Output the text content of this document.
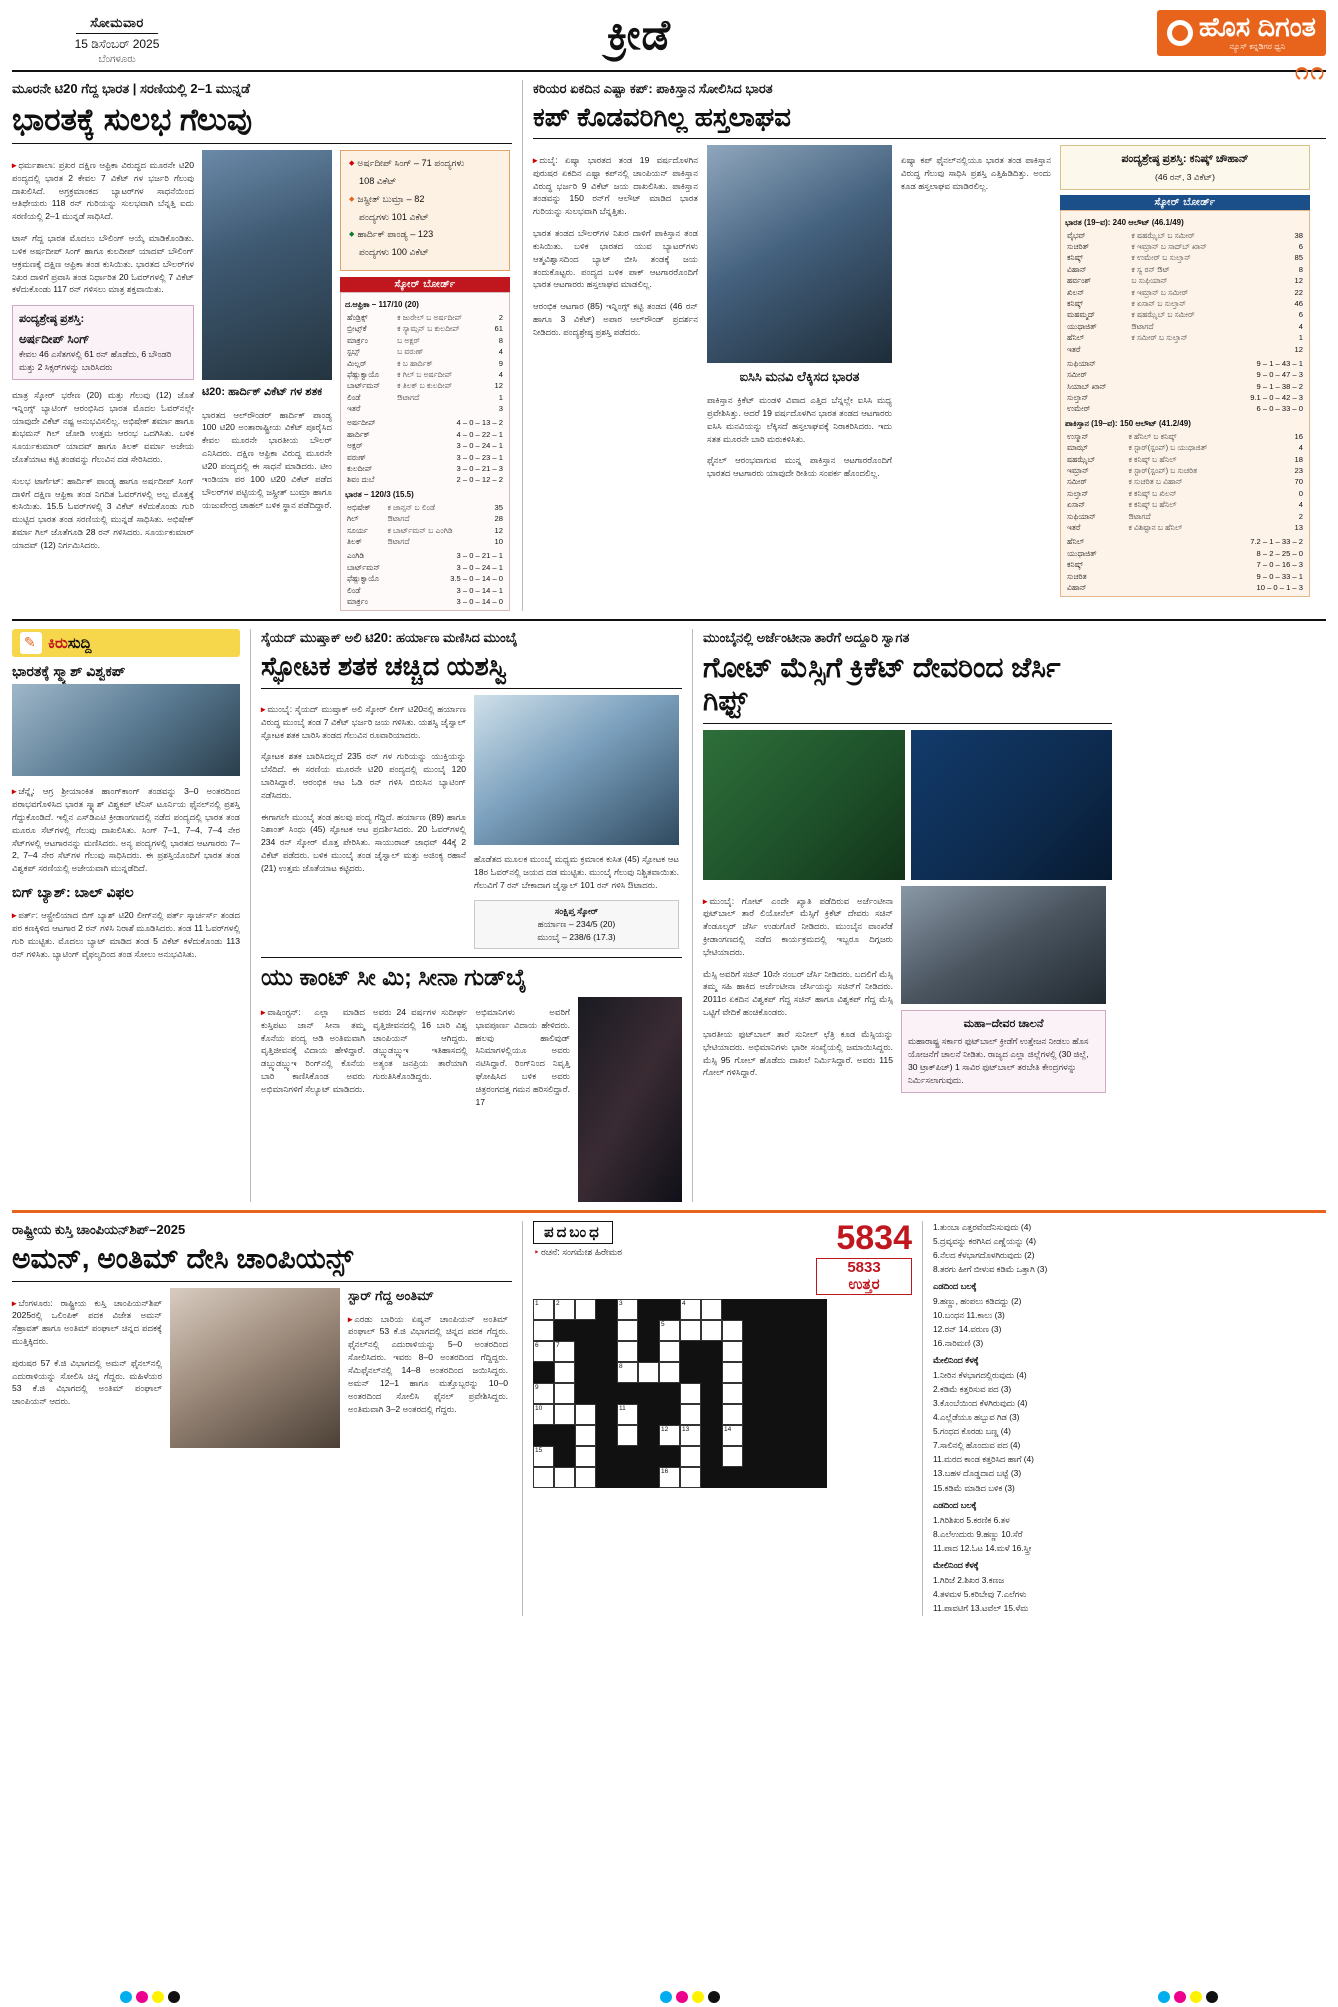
ಸೋಮವಾರ
15 ಡಿಸೆಂಬರ್ 2025
ಬೆಂಗಳೂರು
ಕ್ರೀಡೆ	ಹೊಸ ದಿಗಂತ
ನ್ಯೂಸ್ ಕನ್ನಡಿಗರ ಧ್ವನಿ
೧೧
ಮೂರನೇ ಟಿ20 ಗೆದ್ದ ಭಾರತ | ಸರಣಿಯಲ್ಲಿ 2–1 ಮುನ್ನಡೆ
ಭಾರತಕ್ಕೆ ಸುಲಭ ಗೆಲುವು

▸ ಧರ್ಮಶಾಲಾ: ಪ್ರಖರ ದಕ್ಷಿಣ ಆಫ್ರಿಕಾ ವಿರುದ್ಧದ ಮೂರನೇ ಟಿ20 ಪಂದ್ಯದಲ್ಲಿ ಭಾರತ 2 ಕೇವಲ 7 ವಿಕೆಟ್ ಗಳ ಭರ್ಜರಿ ಗೆಲುವು ದಾಖಲಿಸಿದೆ. ಅಗ್ರಕ್ರಮಾಂಕದ ಬ್ಯಾಟರ್‌ಗಳ ಸಾಧನೆಯಿಂದ ಆತಿಥೇಯರು 118 ರನ್ ಗುರಿಯನ್ನು ಸುಲಭವಾಗಿ ಬೆನ್ನತ್ತಿ ಐದು ಸರಣಿಯಲ್ಲಿ 2–1 ಮುನ್ನಡೆ ಸಾಧಿಸಿದೆ.

ಟಾಸ್ ಗೆದ್ದ ಭಾರತ ಮೊದಲು ಬೌಲಿಂಗ್ ಆಯ್ಕೆ ಮಾಡಿಕೊಂಡಿತು. ಬಳಿಕ ಅರ್ಷದೀಪ್ ಸಿಂಗ್ ಹಾಗೂ ಕುಲದೀಪ್ ಯಾದವ್ ಬೌಲಿಂಗ್ ಆಕ್ರಮಣಕ್ಕೆ ದಕ್ಷಿಣ ಆಫ್ರಿಕಾ ತಂಡ ಕುಸಿಯಿತು. ಭಾರತದ ಬೌಲರ್‌ಗಳ ನಿಖರ ದಾಳಿಗೆ ಪ್ರವಾಸಿ ತಂಡ ನಿರ್ಧಾರಿತ 20 ಓವರ್‌ಗಳಲ್ಲಿ 7 ವಿಕೆಟ್ ಕಳೆದುಕೊಂಡು 117 ರನ್ ಗಳಿಸಲು ಮಾತ್ರ ಶಕ್ತವಾಯಿತು.

ಪಂದ್ಯಶ್ರೇಷ್ಠ ಪ್ರಶಸ್ತಿ:
ಅರ್ಷದೀಪ್ ಸಿಂಗ್
ಕೇವಲ 46 ಎಸೆತಗಳಲ್ಲಿ 61 ರನ್ ಹೊಡೆದು, 6 ಬೌಂಡರಿ ಮತ್ತು 2 ಸಿಕ್ಸರ್‌ಗಳನ್ನು ಬಾರಿಸಿದರು

ಮಾತ್ರ ಸ್ಕೋರ್ ಭರೇಣ (20) ಮತ್ತು ಗೆಲುವು (12) ಜೊತೆ ಇನ್ನಿಂಗ್ಸ್ ಬ್ಯಾಟಿಂಗ್ ಆರಂಭಿಸಿದ ಭಾರತ ಮೊದಲ ಓವರ್‌ನಲ್ಲೇ ಯಾವುದೇ ವಿಕೆಟ್ ನಷ್ಟ ಅನುಭವಿಸಲಿಲ್ಲ. ಅಭಿಷೇಕ್ ಶರ್ಮಾ ಹಾಗೂ ಶುಭಮನ್ ಗಿಲ್ ಜೋಡಿ ಉತ್ತಮ ಆರಂಭ ಒದಗಿಸಿತು. ಬಳಿಕ ಸೂರ್ಯಕುಮಾರ್ ಯಾದವ್ ಹಾಗೂ ತಿಲಕ್ ವರ್ಮಾ ಅಜೇಯ ಜೊತೆಯಾಟ ಕಟ್ಟಿ ತಂಡವನ್ನು ಗೆಲುವಿನ ದಡ ಸೇರಿಸಿದರು.

ಸುಲಭ ಟಾರ್ಗೆಟ್: ಹಾರ್ದಿಕ್ ಪಾಂಡ್ಯ ಹಾಗೂ ಅರ್ಷದೀಪ್ ಸಿಂಗ್ ದಾಳಿಗೆ ದಕ್ಷಿಣ ಆಫ್ರಿಕಾ ತಂಡ ನಿಗದಿತ ಓವರ್‌ಗಳಲ್ಲಿ ಅಲ್ಪ ಮೊತ್ತಕ್ಕೆ ಕುಸಿಯಿತು. 15.5 ಓವರ್‌ಗಳಲ್ಲಿ 3 ವಿಕೆಟ್ ಕಳೆದುಕೊಂಡು ಗುರಿ ಮುಟ್ಟಿದ ಭಾರತ ತಂಡ ಸರಣಿಯಲ್ಲಿ ಮುನ್ನಡೆ ಸಾಧಿಸಿತು. ಅಭಿಷೇಕ್ ಶರ್ಮಾ ಗಿಲ್ ಜೊತೆಗೂಡಿ 28 ರನ್ ಗಳಿಸಿದರು. ಸೂರ್ಯಕುಮಾರ್ ಯಾದವ್ (12) ನಿರ್ಗಮಿಸಿದರು.

ಟಿ20: ಹಾರ್ದಿಕ್ ವಿಕೆಟ್ ಗಳ ಶತಕ

ಭಾರತದ ಆಲ್‌ರೌಂಡರ್ ಹಾರ್ದಿಕ್ ಪಾಂಡ್ಯ 100 ಟಿ20 ಅಂತಾರಾಷ್ಟ್ರೀಯ ವಿಕೆಟ್ ಪೂರೈಸಿದ ಕೇವಲ ಮೂರನೇ ಭಾರತೀಯ ಬೌಲರ್ ಎನಿಸಿದರು. ದಕ್ಷಿಣ ಆಫ್ರಿಕಾ ವಿರುದ್ಧ ಮೂರನೇ ಟಿ20 ಪಂದ್ಯದಲ್ಲಿ ಈ ಸಾಧನೆ ಮಾಡಿದರು. ಟೀಂ ಇಂಡಿಯಾ ಪರ 100 ಟಿ20 ವಿಕೆಟ್ ಪಡೆದ ಬೌಲರ್‌ಗಳ ಪಟ್ಟಿಯಲ್ಲಿ ಜಸ್ಪ್ರೀತ್ ಬುಮ್ರಾ ಹಾಗೂ ಯಜುವೇಂದ್ರ ಚಾಹಲ್ ಬಳಿಕ ಸ್ಥಾನ ಪಡೆದಿದ್ದಾರೆ.

◆ ಅರ್ಷದೀಪ್ ಸಿಂಗ್ – 71 ಪಂದ್ಯಗಳು
108 ವಿಕೆಟ್
◆ ಜಸ್ಪ್ರೀತ್ ಬುಮ್ರಾ – 82
ಪಂದ್ಯಗಳು 101 ವಿಕೆಟ್
◆ ಹಾರ್ದಿಕ್ ಪಾಂಡ್ಯ – 123
ಪಂದ್ಯಗಳು 100 ವಿಕೆಟ್
ಸ್ಕೋರ್ ಬೋರ್ಡ್
ದ.ಆಫ್ರಿಕಾ – 117/10 (20)
ಹೆಂಡ್ರಿಕ್ಸ್	ಕ ಜುರೇಲ್ ಬ ಅರ್ಷದೀಪ್	2
ಬ್ರೀಟ್ಸ್‌ಕೆ	ಕ ಸ್ಯಾಮ್ಸನ್ ಬ ಕುಲದೀಪ್	61
ಮಾರ್ಕ್ರಂ	ಬ ಅಕ್ಷರ್	8
ಸ್ಟಬ್ಸ್	ಬ ವರುಣ್	4
ಮಿಲ್ಲರ್	ಕ ಬ ಹಾರ್ದಿಕ್	9
ಫೆಹ್ಲುಕ್ವಾಯೊ	ಕ ಗಿಲ್ ಬ ಅರ್ಷದೀಪ್	4
ಬಾರ್ಟ್‌ಮನ್	ಕ ತಿಲಕ್ ಬ ಕುಲದೀಪ್	12
ಲಿಂಡೆ	ಔಟಾಗದೆ	1
ಇತರೆ		3
ಅರ್ಷದೀಪ್	4 – 0 – 13 – 2
ಹಾರ್ದಿಕ್	4 – 0 – 22 – 1
ಅಕ್ಷರ್	3 – 0 – 24 – 1
ವರುಣ್	3 – 0 – 23 – 1
ಕುಲದೀಪ್	3 – 0 – 21 – 3
ಶಿವಂ ದುಬೆ	2 – 0 – 12 – 2
ಭಾರತ – 120/3 (15.5)
ಅಭಿಷೇಕ್	ಕ ಜಾನ್ಸನ್ ಬ ಲಿಂಡೆ	35
ಗಿಲ್	ಔಟಾಗದೆ	28
ಸೂರ್ಯ	ಕ ಬಾರ್ಟ್‌ಮನ್ ಬ ಎಂಗಿಡಿ	12
ತಿಲಕ್	ಔಟಾಗದೆ	10
ಎಂಗಿಡಿ	3 – 0 – 21 – 1
ಬಾರ್ಟ್‌ಮನ್	3 – 0 – 24 – 1
ಫೆಹ್ಲುಕ್ವಾಯೊ	3.5 – 0 – 14 – 0
ಲಿಂಡೆ	3 – 0 – 14 – 1
ಮಾರ್ಕ್ರಂ	3 – 0 – 14 – 0
ಕರಿಯರ ಏಕದಿನ ಎಷ್ಟಾ ಕಪ್: ಪಾಕಿಸ್ತಾನ ಸೋಲಿಸಿದ ಭಾರತ
ಕಪ್ ಕೊಡವರಿಗಿಲ್ಲ ಹಸ್ತಲಾಘವ

▸ ದುಬೈ: ಏಷ್ಯಾ ಭಾರತದ ತಂಡ 19 ವರ್ಷದೊಳಗಿನ ಪುರುಷರ ಏಕದಿನ ಎಷ್ಟಾ ಕಪ್‌ನಲ್ಲಿ ಚಾಂಪಿಯನ್ ಪಾಕಿಸ್ತಾನ ವಿರುದ್ಧ ಭರ್ಜರಿ 9 ವಿಕೆಟ್ ಜಯ ದಾಖಲಿಸಿತು. ಪಾಕಿಸ್ತಾನ ತಂಡವನ್ನು 150 ರನ್‌ಗೆ ಆಲೌಟ್ ಮಾಡಿದ ಭಾರತ ಗುರಿಯನ್ನು ಸುಲಭವಾಗಿ ಬೆನ್ನತ್ತಿತು.

ಭಾರತ ತಂಡದ ಬೌಲರ್‌ಗಳ ನಿಖರ ದಾಳಿಗೆ ಪಾಕಿಸ್ತಾನ ತಂಡ ಕುಸಿಯಿತು. ಬಳಿಕ ಭಾರತದ ಯುವ ಬ್ಯಾಟರ್‌ಗಳು ಆತ್ಮವಿಶ್ವಾಸದಿಂದ ಬ್ಯಾಟ್ ಬೀಸಿ ತಂಡಕ್ಕೆ ಜಯ ತಂದುಕೊಟ್ಟರು. ಪಂದ್ಯದ ಬಳಿಕ ಪಾಕ್ ಆಟಗಾರರೊಂದಿಗೆ ಭಾರತ ಆಟಗಾರರು ಹಸ್ತಲಾಘವ ಮಾಡಲಿಲ್ಲ.

ಆರಂಭಿಕ ಆಟಗಾರ (85) ಇನ್ನಿಂಗ್ಸ್ ಕಟ್ಟಿ ತಂಡದ (46 ರನ್ ಹಾಗೂ 3 ವಿಕೆಟ್) ಅಪಾರ ಆಲ್‌ರೌಂಡ್ ಪ್ರದರ್ಶನ ನೀಡಿದರು. ಪಂದ್ಯಶ್ರೇಷ್ಠ ಪ್ರಶಸ್ತಿ ಪಡೆದರು.

ಐಸಿಸಿ ಮನವಿ ಲೆಕ್ಕಿಸದ ಭಾರತ

ಪಾಕಿಸ್ತಾನ ಕ್ರಿಕೆಟ್ ಮಂಡಳಿ ವಿವಾದ ಎತ್ತಿದ ಬೆನ್ನಲ್ಲೇ ಐಸಿಸಿ ಮಧ್ಯ ಪ್ರವೇಶಿಸಿತ್ತು. ಆದರೆ 19 ವರ್ಷದೊಳಗಿನ ಭಾರತ ತಂಡದ ಆಟಗಾರರು ಐಸಿಸಿ ಮನವಿಯನ್ನು ಲೆಕ್ಕಿಸದೆ ಹಸ್ತಲಾಘವಕ್ಕೆ ನಿರಾಕರಿಸಿದರು. ಇದು ಸತತ ಮೂರನೇ ಬಾರಿ ಮರುಕಳಿಸಿತು.

ಫೈನಲ್ ಆರಂಭವಾಗುವ ಮುನ್ನ ಪಾಕಿಸ್ತಾನ ಆಟಗಾರರೊಂದಿಗೆ ಭಾರತದ ಆಟಗಾರರು ಯಾವುದೇ ರೀತಿಯ ಸಂಪರ್ಕ ಹೊಂದಲಿಲ್ಲ.

ಏಷ್ಯಾ ಕಪ್ ಫೈನಲ್‌ನಲ್ಲಿಯೂ ಭಾರತ ತಂಡ ಪಾಕಿಸ್ತಾನ ವಿರುದ್ಧ ಗೆಲುವು ಸಾಧಿಸಿ ಪ್ರಶಸ್ತಿ ಎತ್ತಿಹಿಡಿದಿತ್ತು. ಅಂದು ಕೂಡ ಹಸ್ತಲಾಘವ ಮಾಡಿರಲಿಲ್ಲ.

ಪಂದ್ಯಶ್ರೇಷ್ಠ ಪ್ರಶಸ್ತಿ: ಕನಿಷ್ಕ್ ಚೌಹಾನ್
(46 ರನ್, 3 ವಿಕೆಟ್)
ಸ್ಕೋರ್ ಬೋರ್ಡ್
ಭಾರತ (19–ವ): 240 ಆಲೌಟ್ (46.1/49)
ವೈಭವ್	ಕ ಷಹಝೈಬ್ ಬ ಸಮೀರ್	38
ಸುಚರಿತ್	ಕ ಇಮ್ರಾನ್ ಬ ಸಾದ್‌ಬ್ ಖಾನ್	6
ಕನಿಷ್ಕ್	ಕ ಉಮೇರ್ ಬ ಸುಲ್ತಾನ್	85
ವಿಹಾನ್	ಕ ಸ್ವ ರನ್ ಔಟ್	8
ಹರ್ವಂಶ್	ಬ ಸುಫಿಯಾನ್	12
ಖಿಲನ್	ಕ ಇಮ್ರಾನ್ ಬ ಸಮೀರ್	22
ಕನಿಷ್ಕ್	ಕ ಏಸಾನ್ ಬ ಸುಲ್ತಾನ್	46
ಮಹಮ್ಮದ್	ಕ ಷಹಝೈಬ್ ಬ ಸಮೀರ್	6
ಯುಧಾಜಿತ್	ಔಟಾಗದೆ	4
ಹೆನಿಲ್	ಕ ಸಮೀರ್ ಬ ಸುಲ್ತಾನ್	1
ಇತರೆ		12
ಸುಫಿಯಾನ್	9 – 1 – 43 – 1
ಸಮೀರ್	9 – 0 – 47 – 3
ಸಿಯಾಬ್ ಖಾನ್	9 – 1 – 38 – 2
ಸುಲ್ತಾನ್	9.1 – 0 – 42 – 3
ಉಮೇರ್	6 – 0 – 33 – 0
ಪಾಕಿಸ್ತಾನ (19–ವ): 150 ಆಲೌಟ್ (41.2/49)
ಉಸ್ಮಾನ್	ಕ ಹೆನಿಲ್ ಬ ಕನಿಷ್ಕ್	16
ಮಾಝ್	ಕ ಸ್ಟಾರ್(ಸ್ಟಂಪ್) ಬ ಯುಧಾಜಿತ್	4
ಷಹಝೈಬ್	ಕ ಕನಿಷ್ಕ್ ಬ ಹೆನಿಲ್	18
ಇಮ್ರಾನ್	ಕ ಸ್ಟಾರ್(ಸ್ಟಂಪ್) ಬ ಸುಚರಿತ	23
ಸಮೀರ್	ಕ ಸುಚರಿತ ಬ ವಿಹಾನ್	70
ಸುಲ್ತಾನ್	ಕ ಕನಿಷ್ಕ್ ಬ ಖಿಲನ್	0
ಏಸಾನ್	ಕ ಕನಿಷ್ಕ್ ಬ ಹೆನಿಲ್	4
ಸುಫಿಯಾನ್	ಔಟಾಗದೆ	2
ಇತರೆ	ಕ ವಿಶಿಷ್ಟಾನ ಬ ಹೆನಿಲ್	13
ಹೆನಿಲ್	7.2 – 1 – 33 – 2
ಯುಧಾಜಿತ್	8 – 2 – 25 – 0
ಕನಿಷ್ಕ್	7 – 0 – 16 – 3
ಸುಚರಿತ	9 – 0 – 33 – 1
ವಿಹಾನ್	10 – 0 – 1 – 3
✎
ಕಿರುಸುದ್ದಿ
ಭಾರತಕ್ಕೆ ಸ್ಮ್ಯಾಶ್ ವಿಶ್ವಕಪ್

▸ ಚೆನ್ನೈ: ಆಗ್ರ ಶ್ರೀಯಾಂಕಿತ ಹಾಂಗ್‌ಕಾಂಗ್ ತಂಡವನ್ನು 3–0 ಅಂತರದಿಂದ ಪರಾಭವಗೊಳಿಸಿದ ಭಾರತ ಸ್ಮ್ಯಾಶ್ ವಿಶ್ವಕಪ್ ಟೆನಿಸ್ ಟೂರ್ನಿಯ ಫೈನಲ್‌ನಲ್ಲಿ ಪ್ರಶಸ್ತಿ ಗೆದ್ದುಕೊಂಡಿದೆ. ಇಲ್ಲಿನ ಎಸ್‌ಡಿಎಟಿ ಕ್ರೀಡಾಂಗಣದಲ್ಲಿ ನಡೆದ ಪಂದ್ಯದಲ್ಲಿ ಭಾರತ ತಂಡ ಮೂರೂ ಸೆಟ್‌ಗಳಲ್ಲಿ ಗೆಲುವು ದಾಖಲಿಸಿತು. ಸಿಂಗ್ 7–1, 7–4, 7–4 ನೇರ ಸೆಟ್‌ಗಳಲ್ಲಿ ಆಟಗಾರನನ್ನು ಮಣಿಸಿದರು. ಅನ್ಯ ಪಂದ್ಯಗಳಲ್ಲಿ ಭಾರತದ ಆಟಗಾರರು 7–2, 7–4 ನೇರ ಸೆಟ್‌ಗಳ ಗೆಲುವು ಸಾಧಿಸಿದರು. ಈ ಪ್ರಶಸ್ತಿಯೊಂದಿಗೆ ಭಾರತ ತಂಡ ವಿಶ್ವಕಪ್ ಸರಣಿಯಲ್ಲಿ ಅಜೇಯವಾಗಿ ಮುನ್ನಡೆದಿದೆ.

ಬಿಗ್ ಬ್ಯಾಶ್: ಬಾಲ್ ವಿಫಲ

▸ ಪರ್ತ್: ಆಸ್ಟ್ರೇಲಿಯಾದ ಬಿಗ್ ಬ್ಯಾಶ್ ಟಿ20 ಲೀಗ್‌ನಲ್ಲಿ ಪರ್ತ್ ಸ್ಕಾರ್ಚರ್ಸ್ ತಂಡದ ಪರ ಕಣಕ್ಕಿಳಿದ ಆಟಗಾರ 2 ರನ್ ಗಳಿಸಿ ನಿರಾಶೆ ಮೂಡಿಸಿದರು. ತಂಡ 11 ಓವರ್‌ಗಳಲ್ಲಿ ಗುರಿ ಮುಟ್ಟಿತು. ಮೊದಲು ಬ್ಯಾಟ್ ಮಾಡಿದ ತಂಡ 5 ವಿಕೆಟ್ ಕಳೆದುಕೊಂಡು 113 ರನ್ ಗಳಿಸಿತು. ಬ್ಯಾಟಿಂಗ್ ವೈಫಲ್ಯದಿಂದ ತಂಡ ಸೋಲು ಅನುಭವಿಸಿತು.

ಸೈಯದ್ ಮುಷ್ತಾಕ್ ಅಲಿ ಟಿ20: ಹರ್ಯಾಣ ಮಣಿಸಿದ ಮುಂಬೈ
ಸ್ಫೋಟಕ ಶತಕ ಚಚ್ಚಿದ ಯಶಸ್ವಿ

▸ ಮುಂಬೈ: ಸೈಯದ್ ಮುಷ್ತಾಕ್ ಅಲಿ ಸ್ಕೋರ್ ಲೀಗ್ ಟಿ20ನಲ್ಲಿ ಹರ್ಯಾಣ ವಿರುದ್ಧ ಮುಂಬೈ ತಂಡ 7 ವಿಕೆಟ್ ಭರ್ಜರಿ ಜಯ ಗಳಿಸಿತು. ಯಶಸ್ವಿ ಜೈಸ್ವಾಲ್ ಸ್ಫೋಟಕ ಶತಕ ಬಾರಿಸಿ ತಂಡದ ಗೆಲುವಿನ ರೂವಾರಿಯಾದರು.

ಸ್ಫೋಟಕ ಶತಕ ಬಾರಿಸಿದಲ್ಲದೆ 235 ರನ್ ಗಳ ಗುರಿಯನ್ನು ಯುಕ್ತಿಯನ್ನು ಬೆಸೆದಿದೆ. ಈ ಸರಣಿಯ ಮೂರನೇ ಟಿ20 ಪಂದ್ಯದಲ್ಲಿ ಮುಂಬೈ 120 ಬಾರಿಸಿದ್ದಾರೆ. ಆರಂಭಿಕ ಆಟ ಓಡಿ ರನ್ ಗಳಿಸಿ ಬಿರುಸಿನ ಬ್ಯಾಟಿಂಗ್ ನಡೆಸಿದರು.

ಈಗಾಗಲೇ ಮುಂಬೈ ತಂಡ ಹಲವು ಪಂದ್ಯ ಗೆದ್ದಿದೆ. ಹರ್ಯಾಣ (89) ಹಾಗೂ ನಿಶಾಂತ್ ಸಿಂಧು (45) ಸ್ಫೋಟಕ ಆಟ ಪ್ರದರ್ಶಿಸಿದರು. 20 ಓವರ್‌ಗಳಲ್ಲಿ 234 ರನ್ ಸ್ಕೋರ್ ಮೊತ್ತ ಪೇರಿಸಿತು. ಸಾಯುರಾಜ್ ಜಾಧವ್ 44ಕ್ಕೆ 2 ವಿಕೆಟ್ ಪಡೆದರು. ಬಳಿಕ ಮುಂಬೈ ತಂಡ ಜೈಸ್ವಾಲ್ ಮತ್ತು ಅಜಿಂಕ್ಯ ರಹಾನೆ (21) ಉತ್ತಮ ಜೊತೆಯಾಟ ಕಟ್ಟಿದರು.

ಹೊಡೆತದ ಮೂಲಕ ಮುಂಬೈ ಮಧ್ಯಮ ಕ್ರಮಾಂಕ ಕುಸಿತ (45) ಸ್ಫೋಟಕ ಆಟ 18ರ ಓವರ್‌ನಲ್ಲಿ ಜಯದ ದಡ ಮುಟ್ಟಿತು. ಮುಂಬೈ ಗೆಲುವು ನಿಶ್ಚಿತವಾಯಿತು. ಗೆಲುವಿಗೆ 7 ರನ್ ಬೇಕಾದಾಗ ಜೈಸ್ವಾಲ್ 101 ರನ್ ಗಳಿಸಿ ಔಟಾದರು.

ಸಂಕ್ಷಿಪ್ತ ಸ್ಕೋರ್
ಹರ್ಯಾಣ – 234/5 (20)
ಮುಂಬೈ – 238/6 (17.3)
ಯು ಕಾಂಟ್ ಸೀ ಮಿ; ಸೀನಾ ಗುಡ್‌ಬೈ

▸ ವಾಷಿಂಗ್ಟನ್: ಎಲ್ಲಾ ಮಾಡಿದ ಕುಸ್ತಿಪಟು ಜಾನ್ ಸೀನಾ ತಮ್ಮ ಕೊನೆಯ ಪಂದ್ಯ ಆಡಿ ಅಂತಿಮವಾಗಿ ವೃತ್ತಿಜೀವನಕ್ಕೆ ವಿದಾಯ ಹೇಳಿದ್ದಾರೆ. ಡಬ್ಲ್ಯುಡಬ್ಲ್ಯುಇ ರಿಂಗ್‌ನಲ್ಲಿ ಕೊನೆಯ ಬಾರಿ ಕಾಣಿಸಿಕೊಂಡ ಅವರು ಅಭಿಮಾನಿಗಳಿಗೆ ಸೆಲ್ಯೂಟ್ ಮಾಡಿದರು.

ಅವರು 24 ವರ್ಷಗಳ ಸುದೀರ್ಘ ವೃತ್ತಿಜೀವನದಲ್ಲಿ 16 ಬಾರಿ ವಿಶ್ವ ಚಾಂಪಿಯನ್ ಆಗಿದ್ದರು. ಡಬ್ಲ್ಯುಡಬ್ಲ್ಯುಇ ಇತಿಹಾಸದಲ್ಲಿ ಅತ್ಯಂತ ಜನಪ್ರಿಯ ತಾರೆಯಾಗಿ ಗುರುತಿಸಿಕೊಂಡಿದ್ದರು.

ಅಭಿಮಾನಿಗಳು ಅವರಿಗೆ ಭಾವಪೂರ್ಣ ವಿದಾಯ ಹೇಳಿದರು. ಹಲವು ಹಾಲಿವುಡ್ ಸಿನಿಮಾಗಳಲ್ಲಿಯೂ ಅವರು ನಟಿಸಿದ್ದಾರೆ. ರಿಂಗ್‌ನಿಂದ ನಿವೃತ್ತಿ ಘೋಷಿಸಿದ ಬಳಿಕ ಅವರು ಚಿತ್ರರಂಗದತ್ತ ಗಮನ ಹರಿಸಲಿದ್ದಾರೆ. 17

ಮುಂಬೈನಲ್ಲಿ ಅರ್ಜೆಂಟೀನಾ ತಾರೆಗೆ ಅದ್ದೂರಿ ಸ್ವಾಗತ
ಗೋಟ್ ಮೆಸ್ಸಿಗೆ ಕ್ರಿಕೆಟ್ ದೇವರಿಂದ ಜೆರ್ಸಿ ಗಿಫ್ಟ್

▸ ಮುಂಬೈ: ಗೋಟ್ ಎಂದೇ ಖ್ಯಾತಿ ಪಡೆದಿರುವ ಅರ್ಜೆಂಟೀನಾ ಫುಟ್‌ಬಾಲ್ ತಾರೆ ಲಿಯೋನೆಲ್ ಮೆಸ್ಸಿಗೆ ಕ್ರಿಕೆಟ್ ದೇವರು ಸಚಿನ್ ತೆಂಡೂಲ್ಕರ್ ಜೆರ್ಸಿ ಉಡುಗೊರೆ ನೀಡಿದರು. ಮುಂಬೈನ ವಾಂಖೆಡೆ ಕ್ರೀಡಾಂಗಣದಲ್ಲಿ ನಡೆದ ಕಾರ್ಯಕ್ರಮದಲ್ಲಿ ಇಬ್ಬರೂ ದಿಗ್ಗಜರು ಭೇಟಿಯಾದರು.

ಮೆಸ್ಸಿ ಅವರಿಗೆ ಸಚಿನ್ 10ನೇ ನಂಬರ್ ಜೆರ್ಸಿ ನೀಡಿದರು. ಬದಲಿಗೆ ಮೆಸ್ಸಿ ತಮ್ಮ ಸಹಿ ಹಾಕಿದ ಅರ್ಜೆಂಟೀನಾ ಜೆರ್ಸಿಯನ್ನು ಸಚಿನ್‌ಗೆ ನೀಡಿದರು. 2011ರ ಏಕದಿನ ವಿಶ್ವಕಪ್ ಗೆದ್ದ ಸಚಿನ್ ಹಾಗೂ ವಿಶ್ವಕಪ್ ಗೆದ್ದ ಮೆಸ್ಸಿ ಒಟ್ಟಿಗೆ ವೇದಿಕೆ ಹಂಚಿಕೊಂಡರು.

ಭಾರತೀಯ ಫುಟ್‌ಬಾಲ್ ತಾರೆ ಸುನೀಲ್ ಛೆತ್ರಿ ಕೂಡ ಮೆಸ್ಸಿಯನ್ನು ಭೇಟಿಯಾದರು. ಅಭಿಮಾನಿಗಳು ಭಾರೀ ಸಂಖ್ಯೆಯಲ್ಲಿ ಜಮಾಯಿಸಿದ್ದರು. ಮೆಸ್ಸಿ 95 ಗೋಲ್ ಹೊಡೆದು ದಾಖಲೆ ನಿರ್ಮಿಸಿದ್ದಾರೆ. ಅವರು 115 ಗೋಲ್ ಗಳಿಸಿದ್ದಾರೆ.

ಮಹಾ–ದೇವರ ಚಾಲನೆ
ಮಹಾರಾಷ್ಟ್ರ ಸರ್ಕಾರ ಫುಟ್‌ಬಾಲ್ ಕ್ರೀಡೆಗೆ ಉತ್ತೇಜನ ನೀಡಲು ಹೊಸ ಯೋಜನೆಗೆ ಚಾಲನೆ ನೀಡಿತು. ರಾಜ್ಯದ ಎಲ್ಲಾ ಜಿಲ್ಲೆಗಳಲ್ಲಿ (30 ಜಿಲ್ಲೆ, 30 ಟ್ರಾಕ್‌ಪಿಚ್) 1 ಸಾವಿರ ಫುಟ್‌ಬಾಲ್ ತರಬೇತಿ ಕೇಂದ್ರಗಳನ್ನು ನಿರ್ಮಿಸಲಾಗುವುದು.
ರಾಷ್ಟ್ರೀಯ ಕುಸ್ತಿ ಚಾಂಪಿಯನ್‌ಶಿಪ್–2025
ಅಮನ್, ಅಂತಿಮ್ ದೇಸಿ ಚಾಂಪಿಯನ್ಸ್

▸ ಬೆಂಗಳೂರು: ರಾಷ್ಟ್ರೀಯ ಕುಸ್ತಿ ಚಾಂಪಿಯನ್‌ಶಿಪ್ 2025ರಲ್ಲಿ ಒಲಿಂಪಿಕ್ ಪದಕ ವಿಜೇತ ಅಮನ್ ಸೆಹ್ರಾವತ್ ಹಾಗೂ ಅಂತಿಮ್ ಪಂಘಾಲ್ ಚಿನ್ನದ ಪದಕಕ್ಕೆ ಮುತ್ತಿಕ್ಕಿದರು.

ಪುರುಷರ 57 ಕೆ.ಜಿ ವಿಭಾಗದಲ್ಲಿ ಅಮನ್ ಫೈನಲ್‌ನಲ್ಲಿ ಎದುರಾಳಿಯನ್ನು ಸೋಲಿಸಿ ಚಿನ್ನ ಗೆದ್ದರು. ಮಹಿಳೆಯರ 53 ಕೆ.ಜಿ ವಿಭಾಗದಲ್ಲಿ ಅಂತಿಮ್ ಪಂಘಾಲ್ ಚಾಂಪಿಯನ್ ಆದರು.

ಸ್ಟಾರ್ ಗೆದ್ದ ಅಂತಿಮ್

▸ ಎರಡು ಬಾರಿಯ ಏಷ್ಯನ್ ಚಾಂಪಿಯನ್ ಅಂತಿಮ್ ಪಂಘಾಲ್ 53 ಕೆ.ಜಿ ವಿಭಾಗದಲ್ಲಿ ಚಿನ್ನದ ಪದಕ ಗೆದ್ದರು. ಫೈನಲ್‌ನಲ್ಲಿ ಎದುರಾಳಿಯನ್ನು 5–0 ಅಂತರದಿಂದ ಸೋಲಿಸಿದರು. ಇವರು 8–0 ಅಂತರದಿಂದ ಗೆದ್ದಿದ್ದರು. ಸೆಮಿಫೈನಲ್‌ನಲ್ಲಿ 14–8 ಅಂತರದಿಂದ ಜಯಿಸಿದ್ದರು. ಅಮನ್ 12–1 ಹಾಗೂ ಮತ್ತೊಬ್ಬರನ್ನು 10–0 ಅಂತರದಿಂದ ಸೋಲಿಸಿ ಫೈನಲ್ ಪ್ರವೇಶಿಸಿದ್ದರು. ಅಂತಿಮವಾಗಿ 3–2 ಅಂತರದಲ್ಲಿ ಗೆದ್ದರು.

ಪದಬಂಧ
▸ ರಚನೆ: ಸಂಗಮೇಶ ಹಿರೇಮಠ	5834
5833
ಉತ್ತರ
1	2	3	4
5
6	7
8
9
10	11
12 13	14
15
16

1.ತುಂಬಾ ಎತ್ತರವೆಂದೆನಿಸುವುದು (4)
5.ದ್ರವ್ಯವನ್ನು ಕರಗಿಸಿದ ಎಣ್ಣೆಯನ್ನು (4)
6.ನೆಲದ ಕೆಳಭಾಗದೊಳಗಿರುವುದು (2)
8.ತರಗು ಹೀಗೆ ಬೀಳುವ ಕಡಿಮೆ ಒತ್ತಾಗಿ (3)
ಎಡದಿಂದ ಬಲಕ್ಕೆ
9.ಹಣ್ಣು, ಹಂಪಲು ಕಡಿದದ್ದು (2)
10.ಬಂಧನ 11.ಕಾಲು (3)
12.ರನ್ 14.ವರುಣ (3)
16.ನಾರಿಮಣಿ (3)
ಮೇಲಿನಿಂದ ಕೆಳಕ್ಕೆ
1.ನೀರಿನ ಕೆಳಭಾಗದಲ್ಲಿರುವುದು (4)
2.ಕಡಿಮೆ ಕತ್ತರಿಸುವ ಪದ (3)
3.ಕೊಂಬೆಯಿಂದ ಕೆಳಗಿರುವುದು (4)
4.ಎಲ್ಲೆಡೆಯೂ ಹಬ್ಬುವ ಗಿಡ (3)
5.ಗಂಧದ ಕೊರಡು ಬಣ್ಣ (4)
7.ಸಾಲಿನಲ್ಲಿ ಹೊಂದುವ ಪದ (4)
11.ಮರದ ಕಾಂಡ ಕತ್ತರಿಸಿದ ಹಾಗೆ (4)
13.ಬಹಳ ದೊಡ್ಡದಾದ ಬಟ್ಟೆ (3)
15.ಕಡಿಮೆ ಮಾಡಿದ ಬಳಿಕ (3)
ಎಡದಿಂದ ಬಲಕ್ಕೆ
1.ಗಿರಿಶಿಖರ 5.ಕರಣಿಕ 6.ತಳ
8.ಎಲೆಉದುರು 9.ಹಣ್ಣು 10.ಸೆರೆ
11.ಪಾದ 12.ಓಟ 14.ಮಳೆ 16.ಸ್ತ್ರೀ
ಮೇಲಿನಿಂದ ಕೆಳಕ್ಕೆ
1.ಗಿರಿಜೆ 2.ಶಿಖರ 3.ಕಣಜ
4.ತಳಮಳ 5.ಕರಿಬೇವು 7.ಎಲೆಗಳು
11.ಪಾವಟಿಗೆ 13.ಟವೆಲ್ 15.ಳೆಮ
